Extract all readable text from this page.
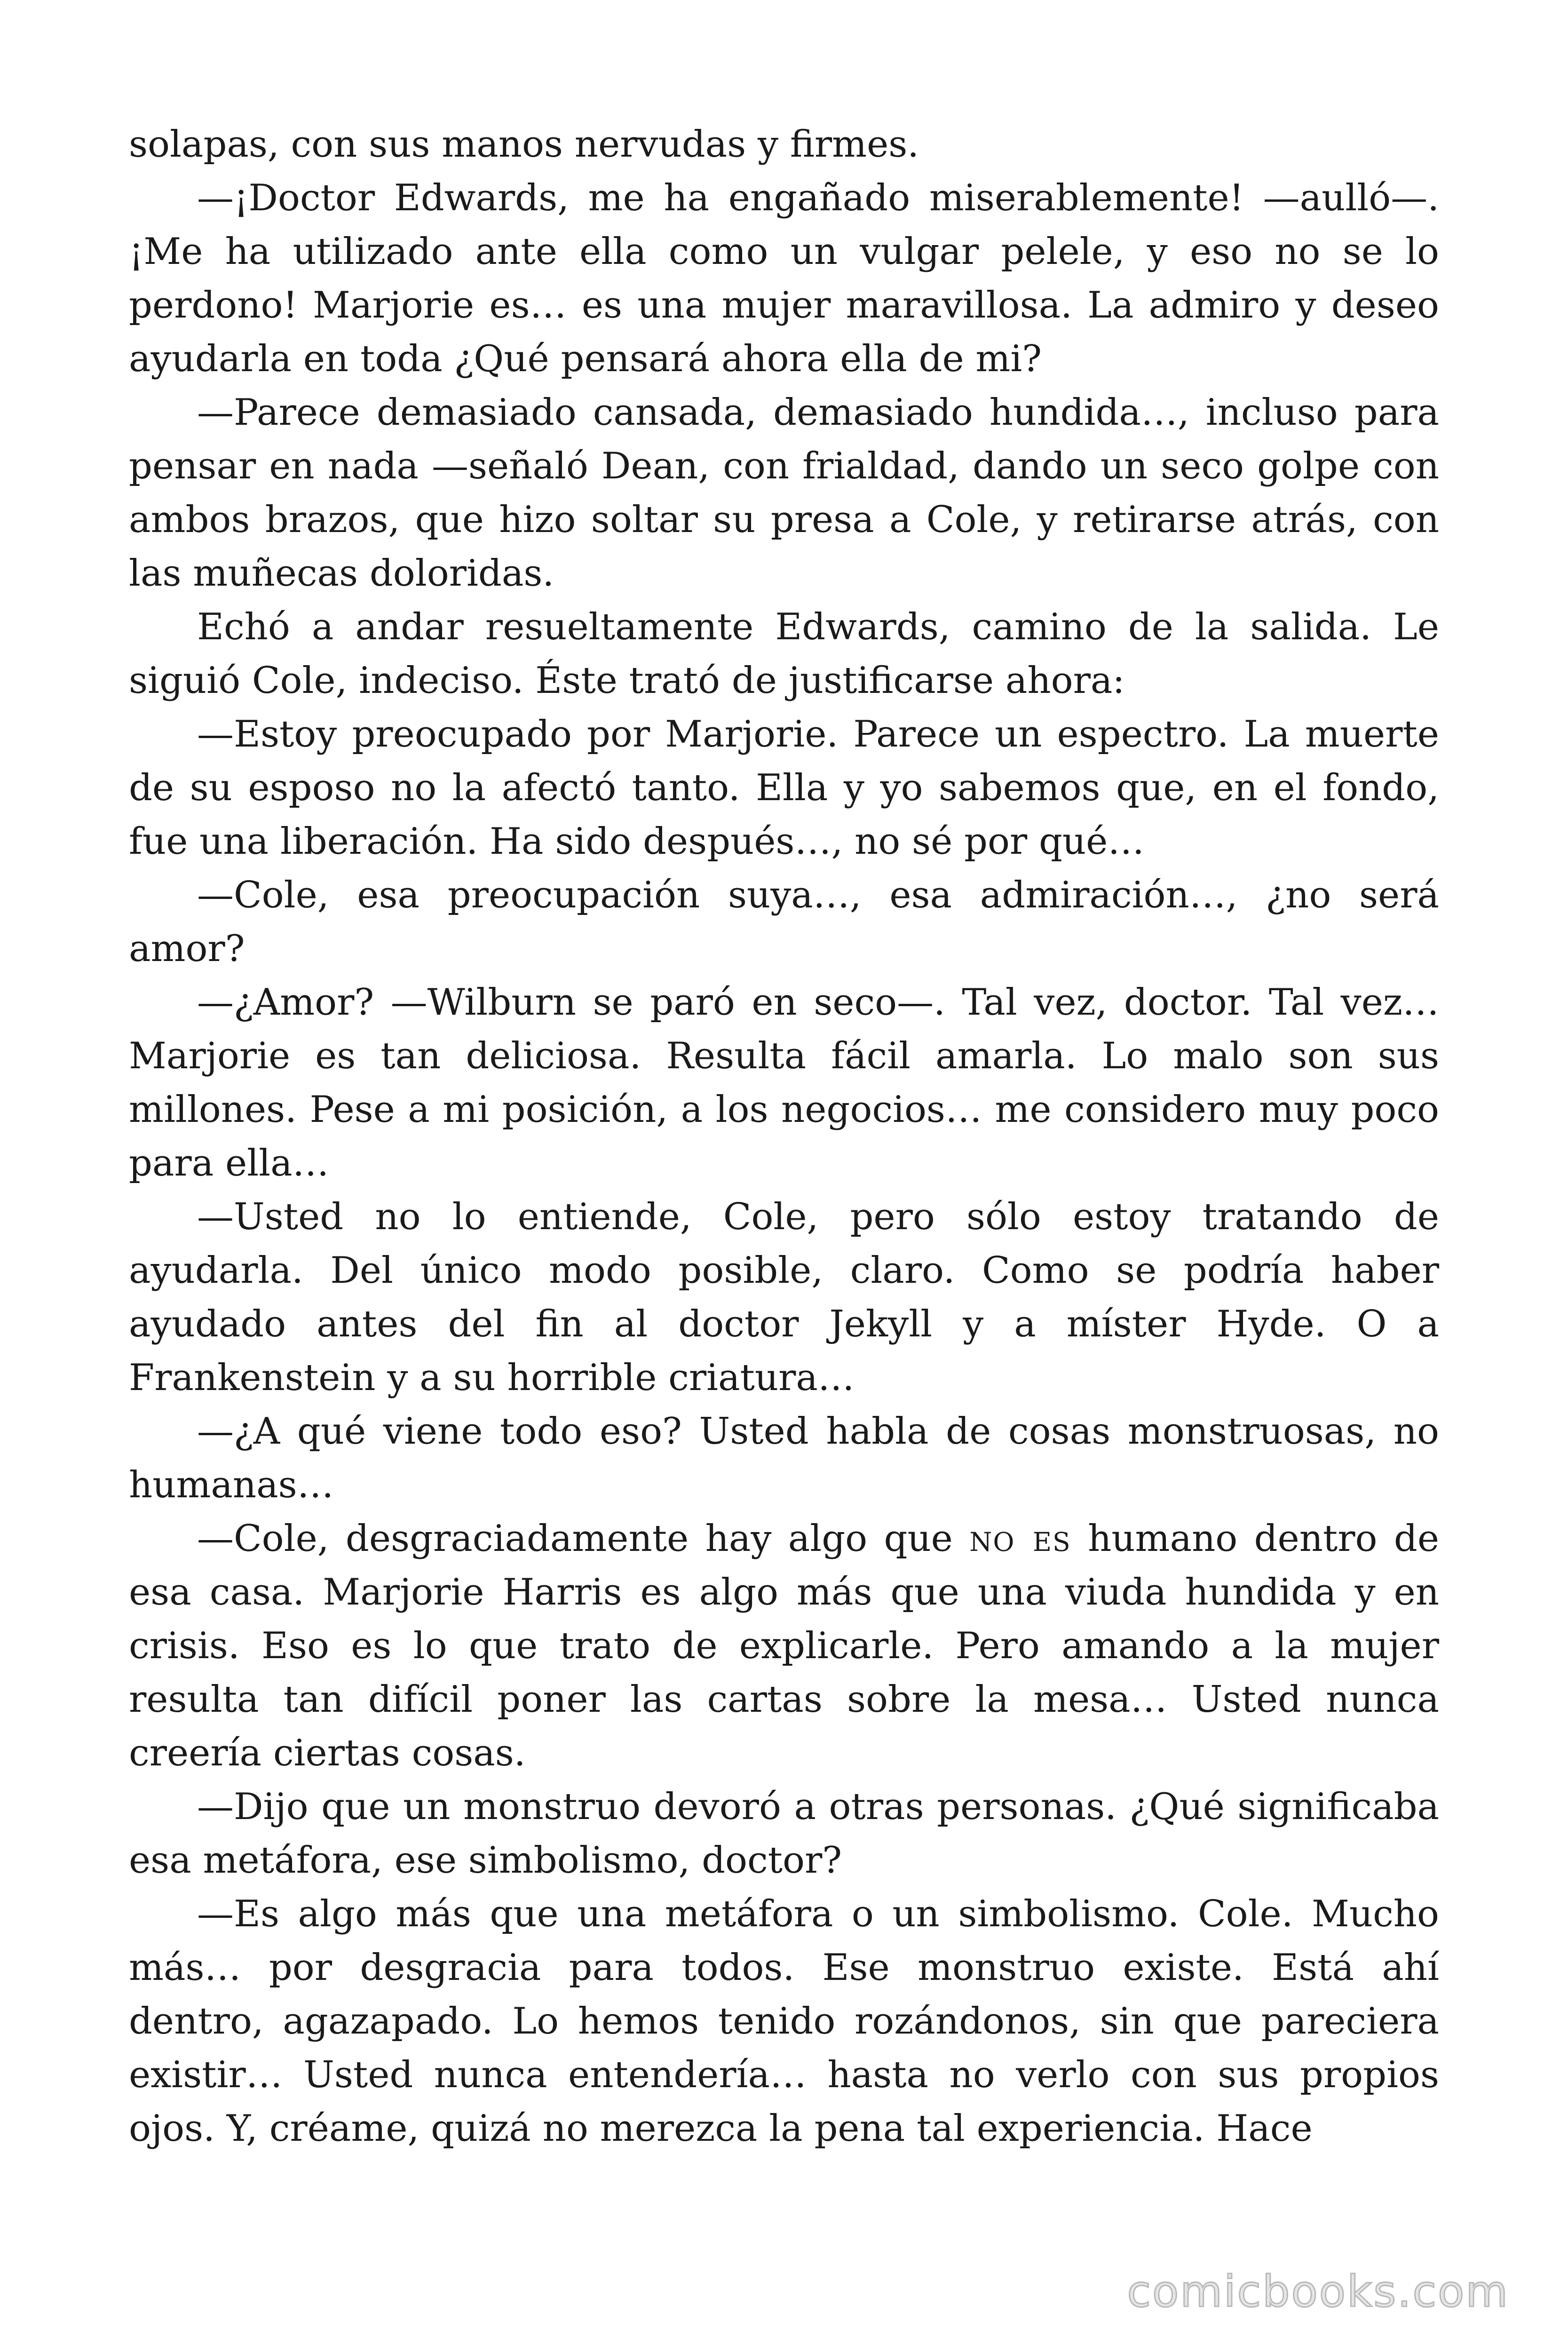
solapas, con sus manos nervudas y firmes.

—¡Doctor Edwards, me ha engañado miserablemente! —aulló—. ¡Me ha utilizado ante ella como un vulgar pelele, y eso no se lo perdono! Marjorie es… es una mujer maravillosa. La admiro y deseo ayudarla en toda ¿Qué pensará ahora ella de mi?

—Parece demasiado cansada, demasiado hundida…, incluso para pensar en nada —señaló Dean, con frialdad, dando un seco golpe con ambos brazos, que hizo soltar su presa a Cole, y retirarse atrás, con las muñecas doloridas.

Echó a andar resueltamente Edwards, camino de la salida. Le siguió Cole, indeciso. Éste trató de justificarse ahora:

—Estoy preocupado por Marjorie. Parece un espectro. La muerte de su esposo no la afectó tanto. Ella y yo sabemos que, en el fondo, fue una liberación. Ha sido después…, no sé por qué…

—Cole, esa preocupación suya…, esa admiración…, ¿no será amor?

—¿Amor? —Wilburn se paró en seco—. Tal vez, doctor. Tal vez… Marjorie es tan deliciosa. Resulta fácil amarla. Lo malo son sus millones. Pese a mi posición, a los negocios… me considero muy poco para ella…

—Usted no lo entiende, Cole, pero sólo estoy tratando de ayudarla. Del único modo posible, claro. Como se podría haber ayudado antes del fin al doctor Jekyll y a míster Hyde. O a Frankenstein y a su horrible criatura…

—¿A qué viene todo eso? Usted habla de cosas monstruosas, no humanas…

—Cole, desgraciadamente hay algo que no es humano dentro de esa casa. Marjorie Harris es algo más que una viuda hundida y en crisis. Eso es lo que trato de explicarle. Pero amando a la mujer resulta tan difícil poner las cartas sobre la mesa… Usted nunca creería ciertas cosas.

—Dijo que un monstruo devoró a otras personas. ¿Qué significaba esa metáfora, ese simbolismo, doctor?

—Es algo más que una metáfora o un simbolismo. Cole. Mucho más… por desgracia para todos. Ese monstruo existe. Está ahí dentro, agazapado. Lo hemos tenido rozándonos, sin que pareciera existir… Usted nunca entendería… hasta no verlo con sus propios ojos. Y, créame, quizá no merezca la pena tal experiencia. Hace

comicbooks.com
